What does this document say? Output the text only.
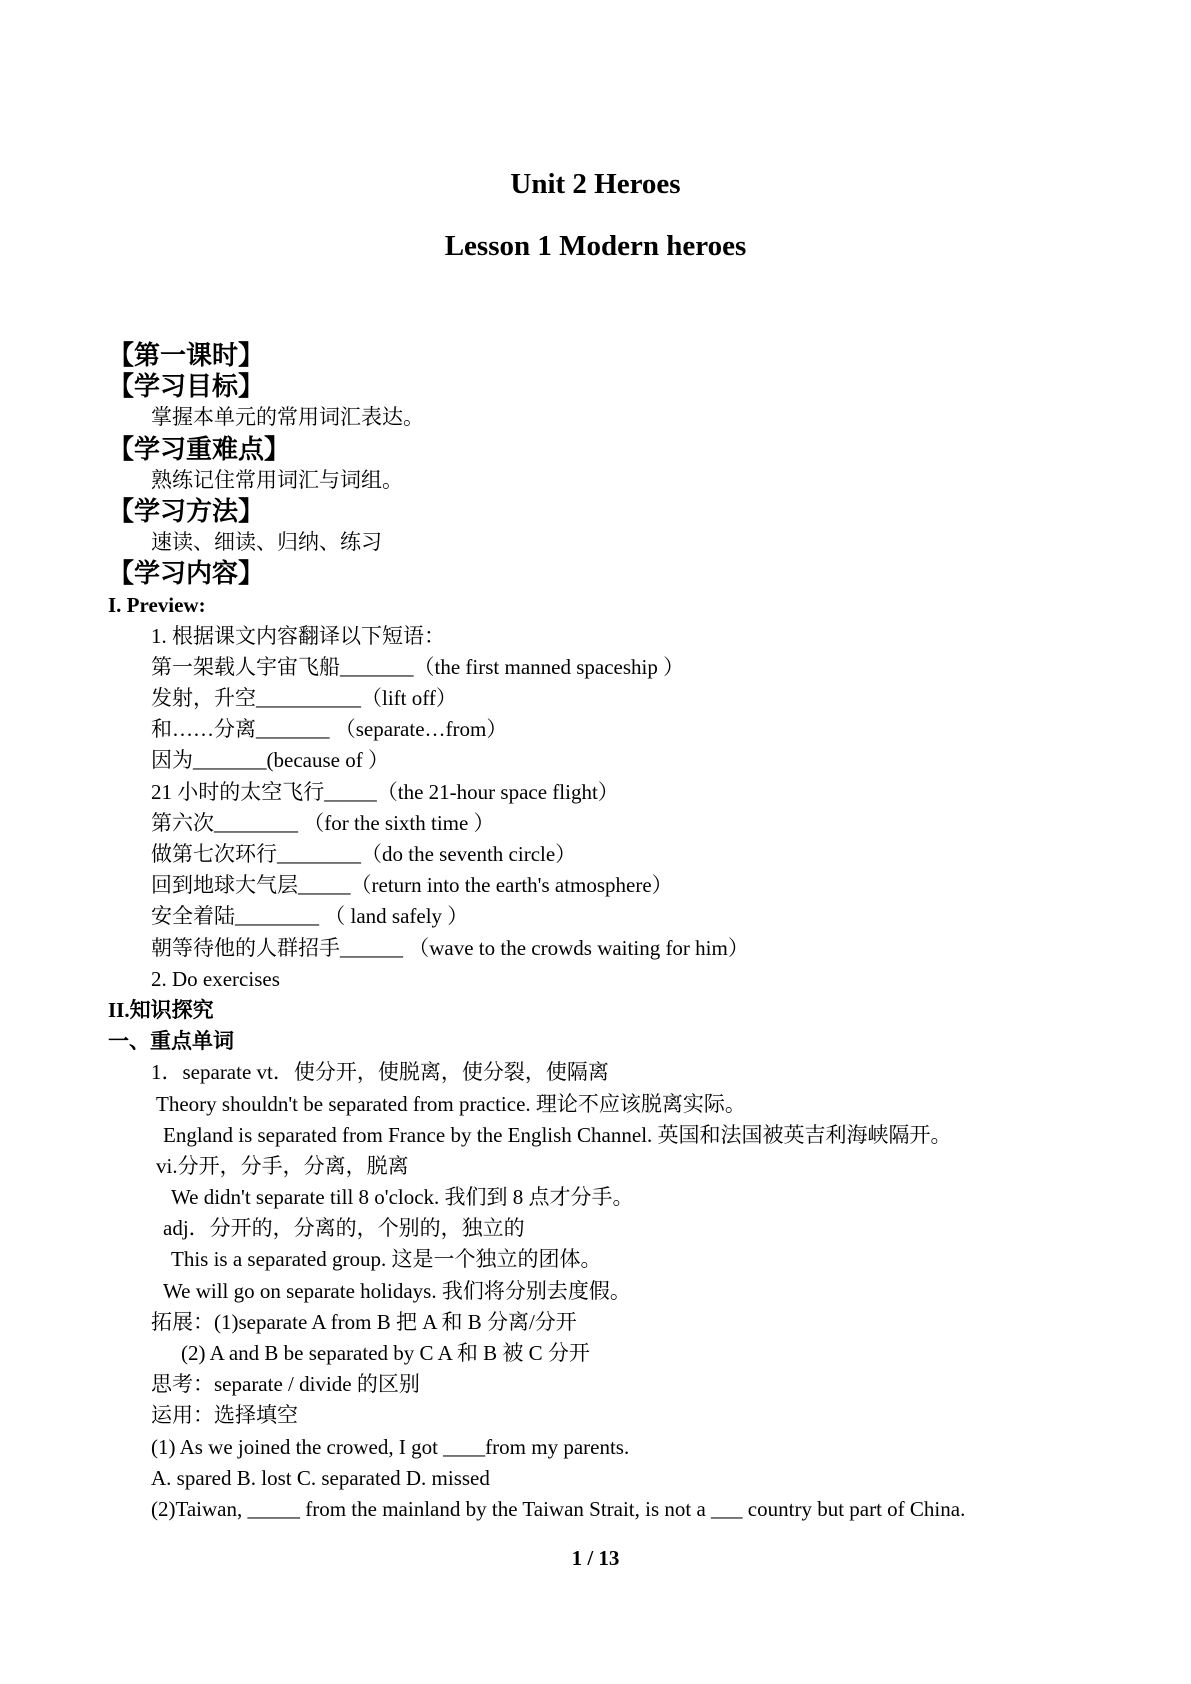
Unit 2 Heroes
Lesson 1 Modern heroes
【第一课时】
【学习目标】
掌握本单元的常用词汇表达。
【学习重难点】
熟练记住常用词汇与词组。
【学习方法】
速读、细读、归纳、练习
【学习内容】
I. Preview:
1. 根据课文内容翻译以下短语：
第一架载人宇宙飞船_______（the first manned spaceship ）
发射，升空__________（lift off）
和……分离_______ （separate…from）
因为_______(because of ）
21 小时的太空飞行_____（the 21-hour space flight）
第六次________ （for the sixth time ）
做第七次环行________（do the seventh circle）
回到地球大气层_____（return into the earth's atmosphere）
安全着陆________ （ land safely ）
朝等待他的人群招手______ （wave to the crowds waiting for him）
2. Do exercises
II.知识探究
一、重点单词
1．separate vt．使分开，使脱离，使分裂，使隔离
Theory shouldn't be separated from practice. 理论不应该脱离实际。
England is separated from France by the English Channel. 英国和法国被英吉利海峡隔开。
vi.分开，分手，分离，脱离
We didn't separate till 8 o'clock. 我们到 8 点才分手。
adj．分开的，分离的，个别的，独立的
This is a separated group. 这是一个独立的团体。
We will go on separate holidays. 我们将分别去度假。
拓展：(1)separate A from B 把 A 和 B 分离/分开
(2) A and B be separated by C A 和 B 被 C 分开
思考：separate / divide 的区别
运用：选择填空
(1) As we joined the crowed, I got ____from my parents.
A. spared B. lost C. separated D. missed
(2)Taiwan, _____ from the mainland by the Taiwan Strait, is not a ___ country but part of China.
1 / 13
